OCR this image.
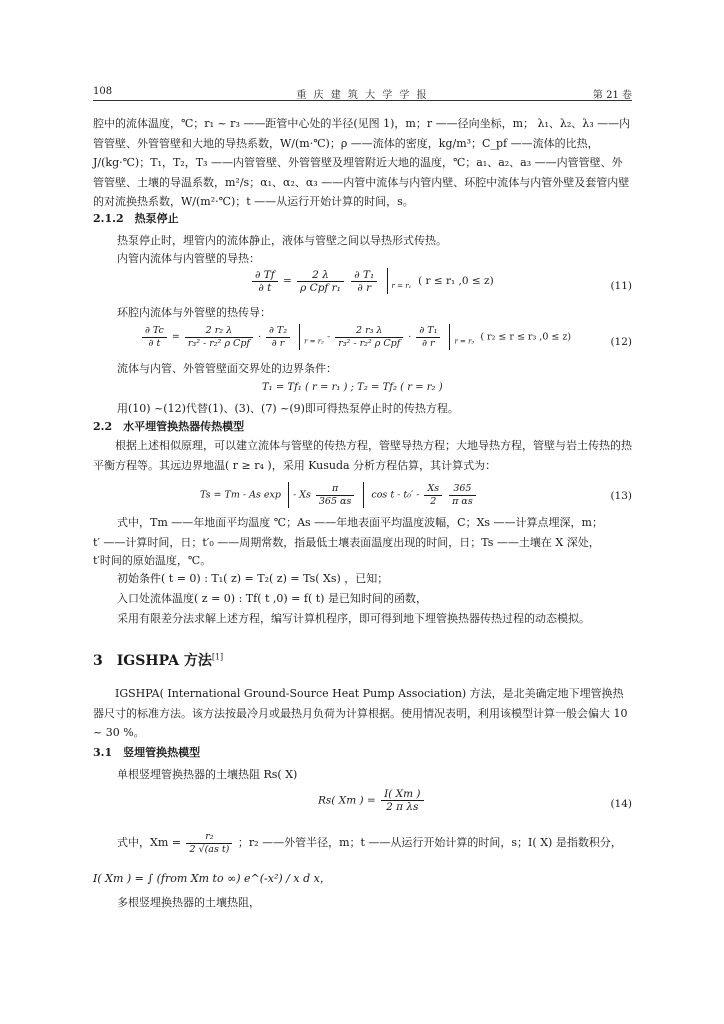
108	重 庆 建 筑 大 学 学 报	第 21 卷
腔中的流体温度，℃；r₁ ~ r₃ ——距管中心处的半径(见图 1)，m；r ——径向坐标，m； λ₁、λ₂、λ₃ ——内管管壁、外管管壁和大地的导热系数，W/(m·℃)；ρ ——流体的密度，kg/m³；C_pf ——流体的比热，J/(kg·℃)；T₁，T₂，T₃ ——内管管壁、外管管壁及埋管附近大地的温度，℃；a₁、a₂、a₃ ——内管管壁、外管管壁、土壤的导温系数，m²/s；α₁、α₂、α₃ ——内管中流体与内管内壁、环腔中流体与内管外壁及套管内壁的对流换热系数，W/(m²·℃)；t ——从运行开始计算的时间，s。
2.1.2　热泵停止
热泵停止时，埋管内的流体静止，液体与管壁之间以导热形式传热。
内管内流体与内管壁的导热：
$\frac{\partial Tf}{\partial t} = \frac{2 \lambda}{\text{ρ Cpf r₁}}$
$\frac{\text{∂ T₁}}{\partial r} _{r = r_1}$ ( r ≤ r₁ ,0 ≤ z)	(11)
环腔内流体与外管壁的热传导：
$\frac{\partial Tc}{\partial t} = \frac{\text{2 r₂ λ}}{\text{r₃² - r₂² ρ Cpf}} \cdot \frac{\text{∂ T₂}}{\partial r} _{r = r_2} - \frac{\text{2 r₃ λ}}{\text{r₃² - r₂² ρ Cpf}} \cdot \frac{\text{∂ T₁}}{\partial r} _{r = r_3}$ ( r₂ ≤ r ≤ r₃ ,0 ≤ z)	(12)
流体与内管、外管管壁面交界处的边界条件：
T₁ = Tf₁ ( r = r₁ ) ; T₂ = Tf₂ ( r = r₂ )
用(10) ~(12)代替(1)、(3)、(7) ~(9)即可得热泵停止时的传热方程。
2.2　水平埋管换热器传热模型
根据上述相似原理，可以建立流体与管壁的传热方程，管壁导热方程；大地导热方程，管壁与岩土传热的热平衡方程等。其远边界地温( r ≥ r₄ )，采用 Kusuda 分析方程估算，其计算式为：
Ts = Tm - As exp - Xs $\frac{\pi}{365 \alpha s}$ cos t - $t_0' - \frac{Xs}{2}$
$\frac{365}{\text{π αs}}$	(13)
式中，Tm ——年地面平均温度 ℃；As ——年地表面平均温度波幅，C；Xs ——计算点埋深，m；
t′ ——计算时间，日；t′₀ ——周期常数，指最低土壤表面温度出现的时间，日；Ts ——土壤在 X 深处，
t′时间的原始温度，℃。
初始条件( t = 0) : T₁( z) = T₂( z) = Ts( Xs) ，已知；
入口处流体温度( z = 0) : Tf( t ,0) = f( t) 是已知时间的函数，
采用有限差分法求解上述方程，编写计算机程序，即可得到地下埋管换热器传热过程的动态模拟。
3　IGSHPA 方法[1]
IGSHPA( International Ground-Source Heat Pump Association) 方法，是北美确定地下埋管换热器尺寸的标准方法。该方法按最冷月或最热月负荷为计算根据。使用情况表明，利用该模型计算一般会偏大 10 ~ 30 %。
3.1　竖埋管换热模型
单根竖埋管换热器的土壤热阻 Rs( X)
Rs( Xm ) = $\frac{I( Xm )}{\text{2 π λs}}$	(14)
式中，$Xm = \frac{\text{r₂}}{\text{2 √(as t)}}$ ；r₂ ——外管半径，m；t ——从运行开始计算的时间，s；I( X) 是指数积分，
I( Xm ) = ∫ (from Xm to ∞) e^(-x²) / x d x，
多根竖埋换热器的土壤热阻，
